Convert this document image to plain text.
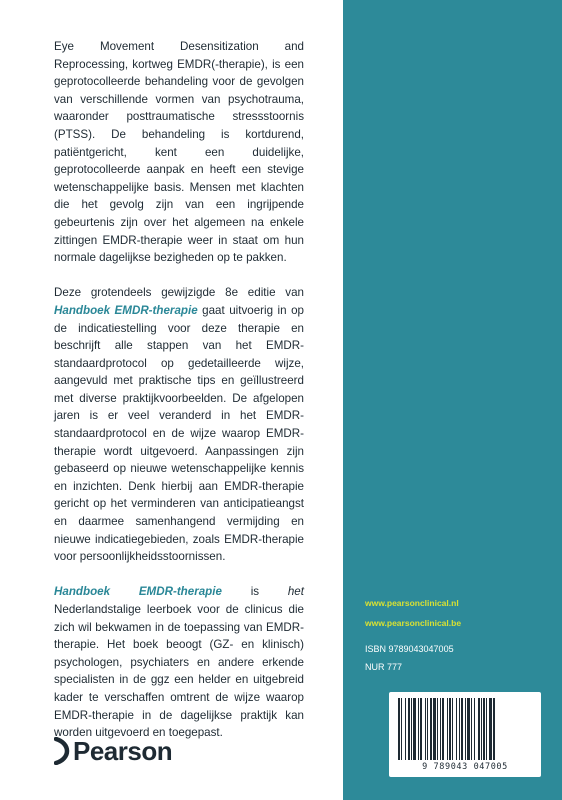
Eye Movement Desensitization and Reprocessing, kortweg EMDR(-therapie), is een geprotocolleerde behandeling voor de gevolgen van verschillende vormen van psychotrauma, waaronder posttraumatische stressstoornis (PTSS). De behandeling is kortdurend, patiëntgericht, kent een duidelijke, geprotocolleerde aanpak en heeft een stevige wetenschappelijke basis. Mensen met klachten die het gevolg zijn van een ingrijpende gebeurtenis zijn over het algemeen na enkele zittingen EMDR-therapie weer in staat om hun normale dagelijkse bezigheden op te pakken.

Deze grotendeels gewijzigde 8e editie van Handboek EMDR-therapie gaat uitvoerig in op de indicatiestelling voor deze therapie en beschrijft alle stappen van het EMDR-standaardprotocol op gedetailleerde wijze, aangevuld met praktische tips en geïllustreerd met diverse praktijkvoorbeelden. De afgelopen jaren is er veel veranderd in het EMDR-standaardprotocol en de wijze waarop EMDR-therapie wordt uitgevoerd. Aanpassingen zijn gebaseerd op nieuwe wetenschappelijke kennis en inzichten. Denk hierbij aan EMDR-therapie gericht op het verminderen van anticipatieangst en daarmee samenhangend vermijding en nieuwe indicatiegebieden, zoals EMDR-therapie voor persoonlijkheidsstoornissen.

Handboek EMDR-therapie is het Nederlandstalige leerboek voor de clinicus die zich wil bekwamen in de toepassing van EMDR-therapie. Het boek beoogt (GZ- en klinisch) psychologen, psychiaters en andere erkende specialisten in de ggz een helder en uitgebreid kader te verschaffen omtrent de wijze waarop EMDR-therapie in de dagelijkse praktijk kan worden uitgevoerd en toegepast.

Pearson
www.pearsonclinical.nl
www.pearsonclinical.be
ISBN 9789043047005
NUR 777
9 789043 047005
